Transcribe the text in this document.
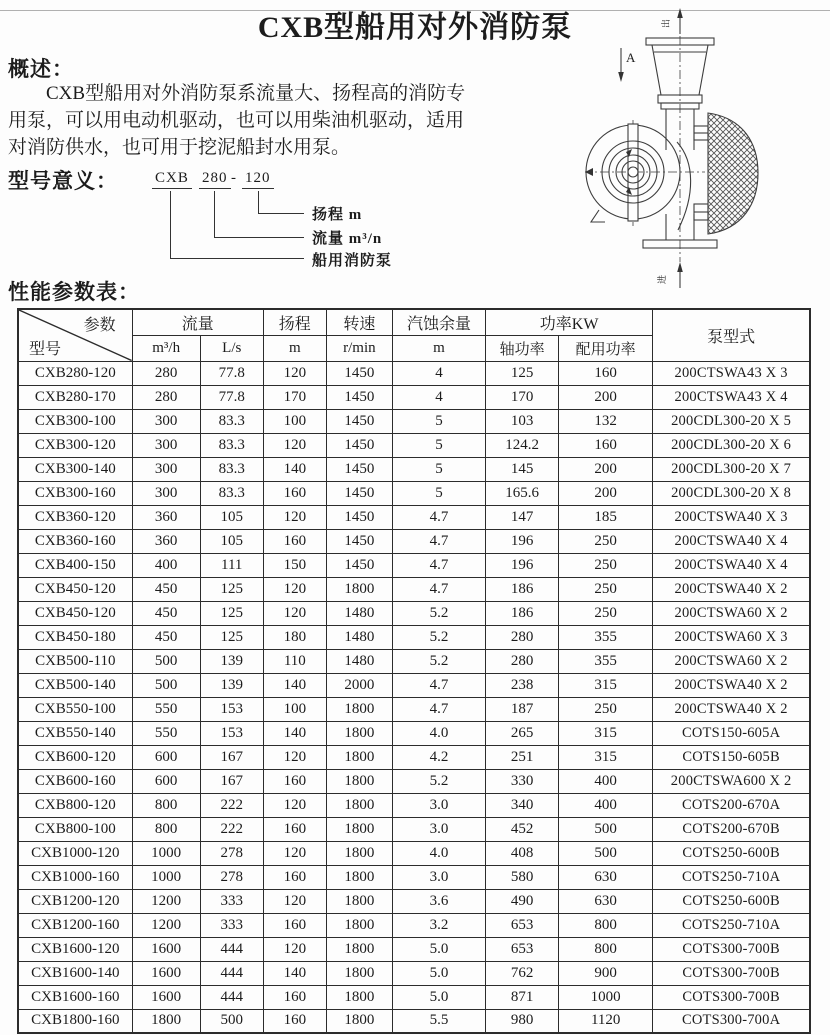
CXB型船用对外消防泵
概述：
CXB型船用对外消防泵系流量大、扬程高的消防专
用泵，可以用电动机驱动，也可以用柴油机驱动，适用
对消防供水，也可用于挖泥船封水用泵。
型号意义： CXB 280 - 120
扬程 m
流量 m³/n
船用消防泵
A
出
进
性能参数表：
参数
型号	流量		扬程	转速	汽蚀余量	功率KW		泵型式
	m³/h	L/s	m	r/min	m	轴功率	配用功率	
CXB280-120	280	77.8	120	1450	4	125	160	200CTSWA43 X 3
CXB280-170	280	77.8	170	1450	4	170	200	200CTSWA43 X 4
CXB300-100	300	83.3	100	1450	5	103	132	200CDL300-20 X 5
CXB300-120	300	83.3	120	1450	5	124.2	160	200CDL300-20 X 6
CXB300-140	300	83.3	140	1450	5	145	200	200CDL300-20 X 7
CXB300-160	300	83.3	160	1450	5	165.6	200	200CDL300-20 X 8
CXB360-120	360	105	120	1450	4.7	147	185	200CTSWA40 X 3
CXB360-160	360	105	160	1450	4.7	196	250	200CTSWA40 X 4
CXB400-150	400	111	150	1450	4.7	196	250	200CTSWA40 X 4
CXB450-120	450	125	120	1800	4.7	186	250	200CTSWA40 X 2
CXB450-120	450	125	120	1480	5.2	186	250	200CTSWA60 X 2
CXB450-180	450	125	180	1480	5.2	280	355	200CTSWA60 X 3
CXB500-110	500	139	110	1480	5.2	280	355	200CTSWA60 X 2
CXB500-140	500	139	140	2000	4.7	238	315	200CTSWA40 X 2
CXB550-100	550	153	100	1800	4.7	187	250	200CTSWA40 X 2
CXB550-140	550	153	140	1800	4.0	265	315	COTS150-605A
CXB600-120	600	167	120	1800	4.2	251	315	COTS150-605B
CXB600-160	600	167	160	1800	5.2	330	400	200CTSWA600 X 2
CXB800-120	800	222	120	1800	3.0	340	400	COTS200-670A
CXB800-100	800	222	160	1800	3.0	452	500	COTS200-670B
CXB1000-120	1000	278	120	1800	4.0	408	500	COTS250-600B
CXB1000-160	1000	278	160	1800	3.0	580	630	COTS250-710A
CXB1200-120	1200	333	120	1800	3.6	490	630	COTS250-600B
CXB1200-160	1200	333	160	1800	3.2	653	800	COTS250-710A
CXB1600-120	1600	444	120	1800	5.0	653	800	COTS300-700B
CXB1600-140	1600	444	140	1800	5.0	762	900	COTS300-700B
CXB1600-160	1600	444	160	1800	5.0	871	1000	COTS300-700B
CXB1800-160	1800	500	160	1800	5.5	980	1120	COTS300-700A
